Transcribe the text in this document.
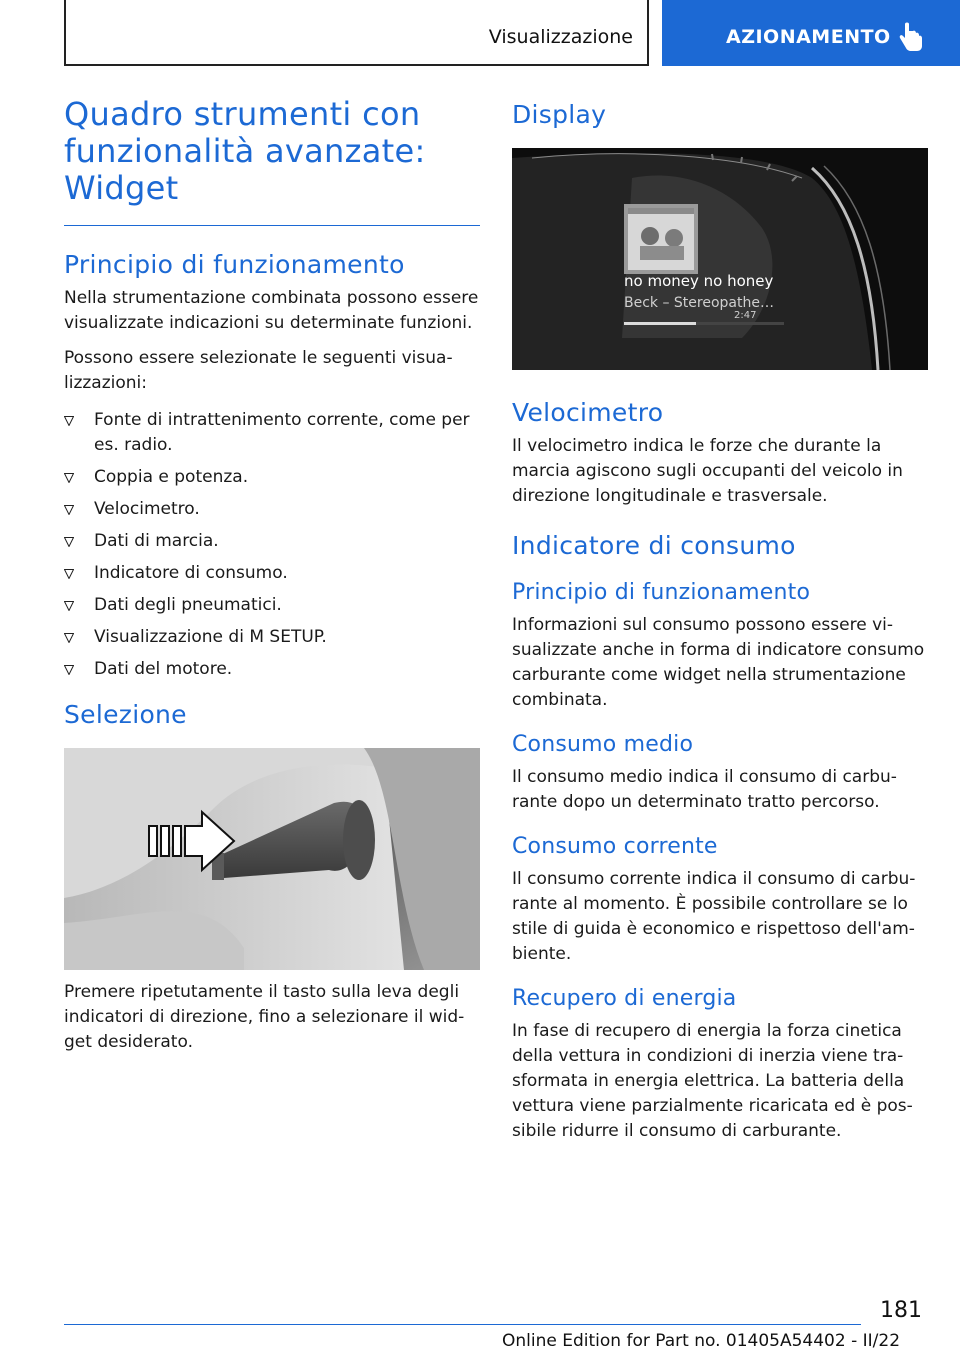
Visualizzazione	AZIONAMENTO
Quadro strumenti con funzionalità avanzate: Widget
Principio di funzionamento

Nella strumentazione combinata possono essere visualizzate indicazioni su determinate funzioni.

Possono essere selezionate le seguenti visualizzazioni:

Fonte di intrattenimento corrente, come per es. radio.
Coppia e potenza.
Velocimetro.
Dati di marcia.
Indicatore di consumo.
Dati degli pneumatici.
Visualizzazione di M SETUP.
Dati del motore.
Selezione

Premere ripetutamente il tasto sulla leva degli indicatori di direzione, fino a selezionare il widget desiderato.

Display
no money no honey
Beck – Stereopathe…
2:47
Velocimetro

Il velocimetro indica le forze che durante la marcia agiscono sugli occupanti del veicolo in direzione longitudinale e trasversale.

Indicatore di consumo
Principio di funzionamento

Informazioni sul consumo possono essere visualizzate anche in forma di indicatore consumo carburante come widget nella strumentazione combinata.

Consumo medio

Il consumo medio indica il consumo di carburante dopo un determinato tratto percorso.

Consumo corrente

Il consumo corrente indica il consumo di carburante al momento. È possibile controllare se lo stile di guida è economico e rispettoso dell'ambiente.

Recupero di energia

In fase di recupero di energia la forza cinetica della vettura in condizioni di inerzia viene trasformata in energia elettrica. La batteria della vettura viene parzialmente ricaricata ed è possibile ridurre il consumo di carburante.

181
Online Edition for Part no. 01405A54402 - II/22
